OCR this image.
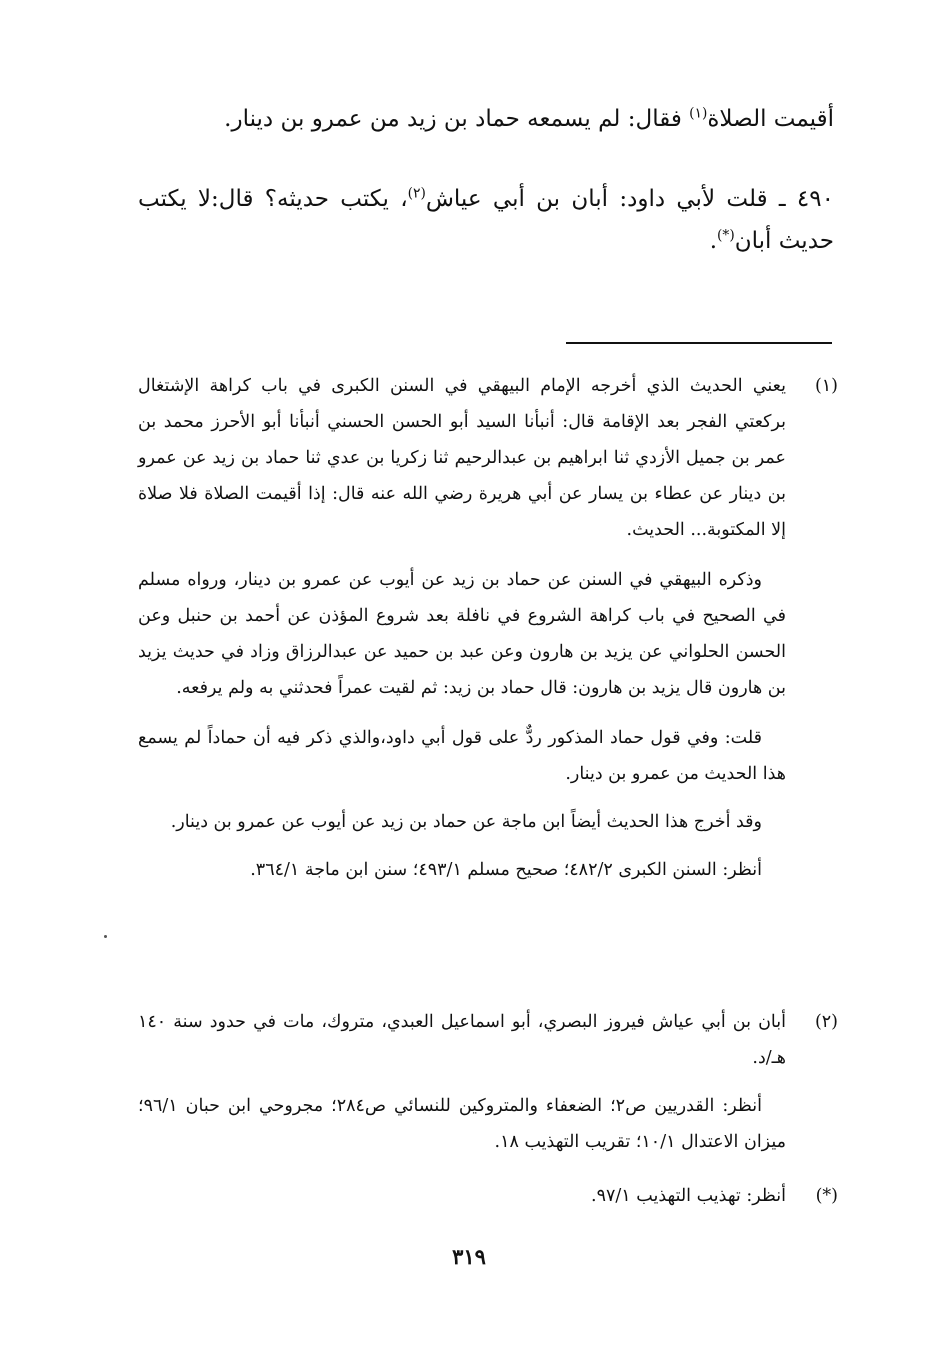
أقيمت الصلاة$^{(١)}$ فقال: لم يسمعه حماد بن زيد من عمرو بن دينار.

٤٩٠ ـ قلت لأبي داود: أبان بن أبي عياش$^{(٢)}$، يكتب حديثه؟ قال:لا يكتب حديث أبان(*).

(١)

يعني الحديث الذي أخرجه الإمام البيهقي في السنن الكبرى في باب كراهة الإشتغال بركعتي الفجر بعد الإقامة قال: أنبأنا السيد أبو الحسن الحسني أنبأنا أبو الأحرز محمد بن عمر بن جميل الأزدي ثنا ابراهيم بن عبدالرحيم ثنا زكريا بن عدي ثنا حماد بن زيد عن عمرو بن دينار عن عطاء بن يسار عن أبي هريرة رضي الله عنه قال: إذا أقيمت الصلاة فلا صلاة إلا المكتوبة... الحديث.

وذكره البيهقي في السنن عن حماد بن زيد عن أيوب عن عمرو بن دينار، ورواه مسلم في الصحيح في باب كراهة الشروع في نافلة بعد شروع المؤذن عن أحمد بن حنبل وعن الحسن الحلواني عن يزيد بن هارون وعن عبد بن حميد عن عبدالرزاق وزاد في حديث يزيد بن هارون قال يزيد بن هارون: قال حماد بن زيد: ثم لقيت عمراً فحدثني به ولم يرفعه.

قلت: وفي قول حماد المذكور ردٌّ على قول أبي داود،والذي ذكر فيه أن حماداً لم يسمع هذا الحديث من عمرو بن دينار.

وقد أخرج هذا الحديث أيضاً ابن ماجة عن حماد بن زيد عن أيوب عن عمرو بن دينار.

أنظر: السنن الكبرى ٤٨٢/٢؛ صحيح مسلم ٤٩٣/١؛ سنن ابن ماجة ٣٦٤/١.

(٢)

أبان بن أبي عياش فيروز البصري، أبو اسماعيل العبدي، متروك، مات في حدود سنة ١٤٠ هـ/د.

أنظر: القدريين ص٢؛ الضعفاء والمتروكين للنسائي ص٢٨٤؛ مجروحي ابن حبان ٩٦/١؛ ميزان الاعتدال ١٠/١؛ تقريب التهذيب ١٨.

(*)

أنظر: تهذيب التهذيب ٩٧/١.

٣١٩
